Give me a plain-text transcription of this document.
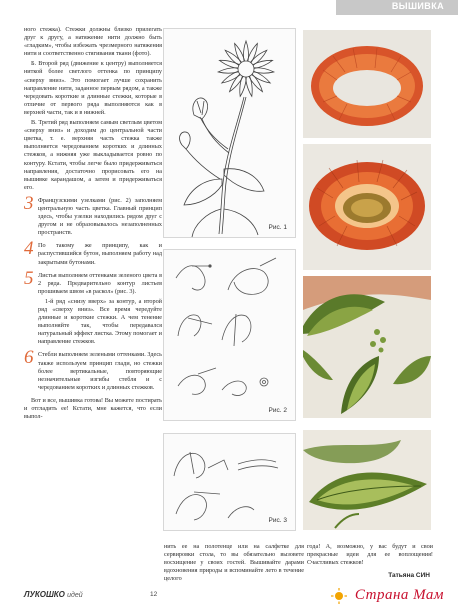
ВЫШИВКА

ного стежка). Стежки должны близко прилегать друг к другу, а натяжение нити должно быть «гладким», чтобы избежать чрезмерного натяжения нити и соответственно стягивания ткани (фото).

Б. Второй ряд (движение к центру) выполняется ниткой более светлого оттенка по принципу «сверху вниз». Это помогает лучше сохранить направление нити, заданное первым рядом, а также чередовать короткие и длинные стежки, которые в отличие от первого ряда выполняются как в верхней части, так и в нижней.

В. Третий ряд выполняем самым светлым цветом «сверху вниз» и доходим до центральной части цветка, т. е. верхняя часть стежка также выполняется чередованием коротких и длинных стежков, а нижняя уже выкладывается ровно по контуру. Кстати, чтобы легче было придерживаться направления, достаточно прорисовать его на вышивке карандашом, а затем и придерживаться его.

3 Французскими узелками (рис. 2) заполняем центральную часть цветка. Главный принцип здесь, чтобы узелки находились рядом друг с другом и не образовывалось незаполненных пространств.

4 По такому же принципу, как и распустившийся бутон, выполняем работу над закрытыми бутонами.

5 Листья выполняем оттенками зеленого цвета в 2 ряда. Предварительно контур листьев прошиваем швом «в раскол» (рис. 3).

1-й ряд «снизу вверх» за контур, а второй ряд «сверху вниз». Все время чередуйте длинные и короткие стежки. А чем тенение выполняйте так, чтобы передавался натуральный эффект листка. Этому помогает и направление стежков.

6 Стебли выполняем зелеными оттенками. Здесь также используем принцип глади, но стежки более вертикальные, повторяющие незначительные изгибы стебля и с чередованием коротких и длинных стежков.

Вот и все, вышивка готова! Вы можете постирать и отгладить ее! Кстати, мне кажется, что если выпол-

Рис. 1
Рис. 2
Рис. 3

нить ее на полотенце или на салфетке для сервировки стола, то вы обязательно вызовете восхищение у своих гостей. Вышивайте дарами вдохновения природы и вспоминайте лето в течение целого

года! А, возможно, у вас будут и свои прекрасные идеи для ее воплощения! Счастливых стежков!

Татьяна СИН
ЛУКОШКО идей	12	Страна Мам
